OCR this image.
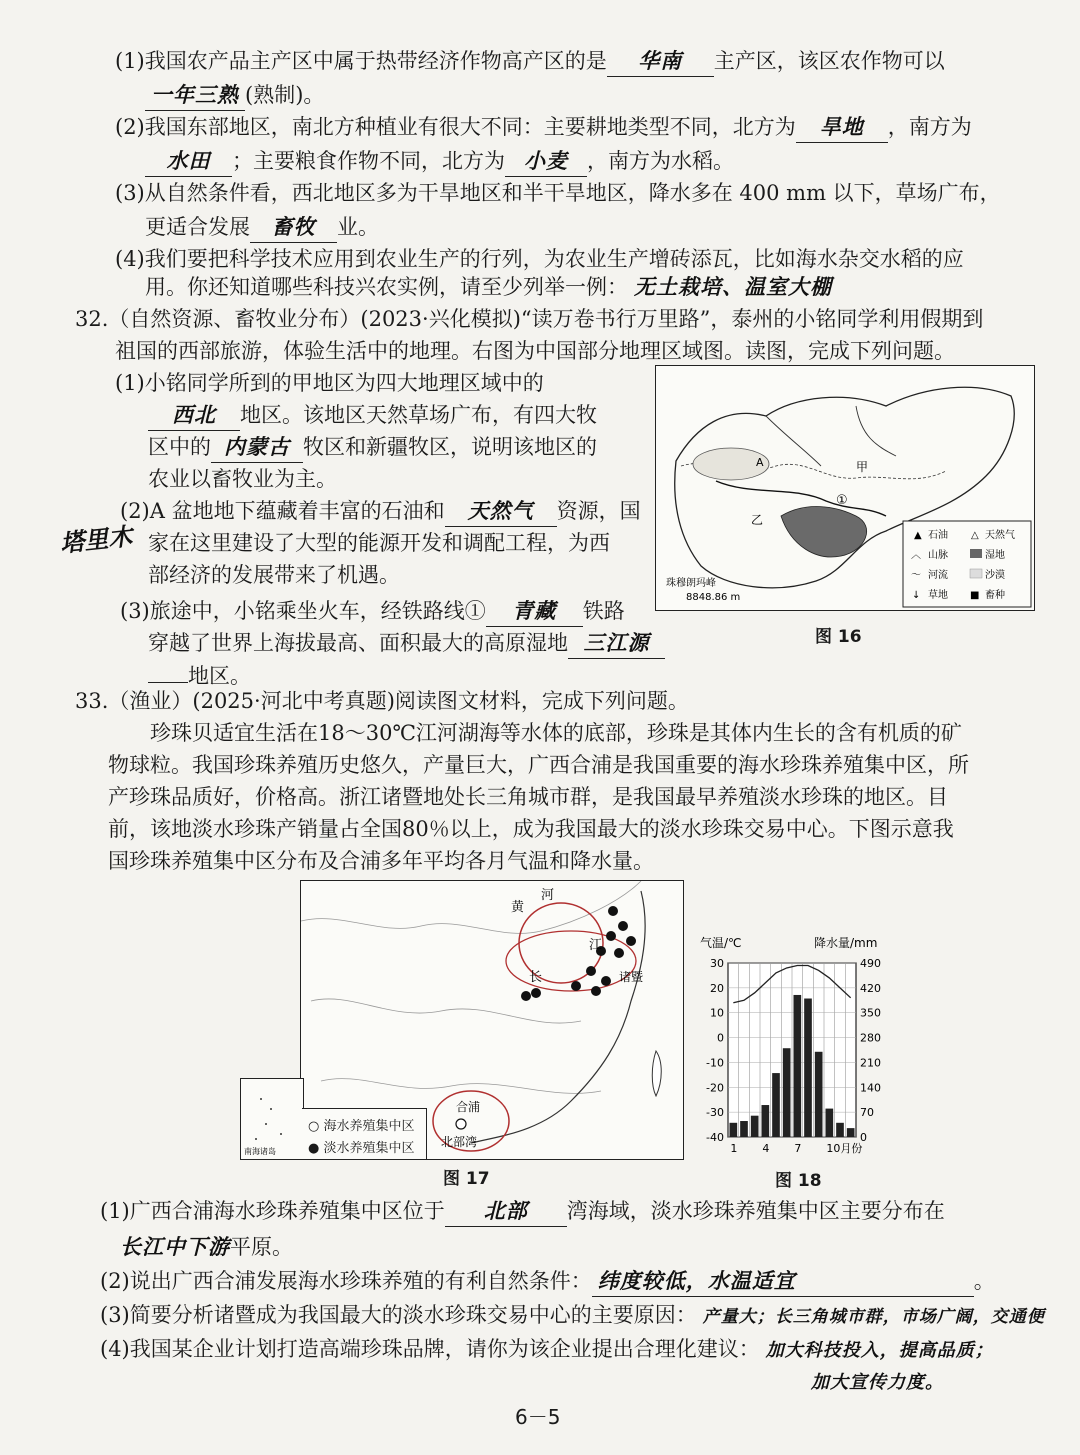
(1)我国农产品主产区中属于热带经济作物高产区的是 华南 主产区，该区农作物可以
一年三熟 (熟制)。
(2)我国东部地区，南北方种植业有很大不同：主要耕地类型不同，北方为 旱地 ，南方为
水田 ；主要粮食作物不同，北方为 小麦 ，南方为水稻。
(3)从自然条件看，西北地区多为干旱地区和半干旱地区，降水多在 400 mm 以下，草场广布，
更适合发展 畜牧 业。
(4)我们要把科学技术应用到农业生产的行列，为农业生产增砖添瓦，比如海水杂交水稻的应
用。你还知道哪些科技兴农实例，请至少列举一例： 无土栽培、温室大棚
32.（自然资源、畜牧业分布）(2023·兴化模拟)“读万卷书行万里路”，泰州的小铭同学利用假期到
祖国的西部旅游，体验生活中的地理。右图为中国部分地理区域图。读图，完成下列问题。
(1)小铭同学所到的甲地区为四大地理区域中的
西北 地区。该地区天然草场广布，有四大牧
区中的 内蒙古 牧区和新疆牧区，说明该地区的
农业以畜牧业为主。
(2)A 盆地地下蕴藏着丰富的石油和 天然气 资源，国
塔里木 家在这里建设了大型的能源开发和调配工程，为西
部经济的发展带来了机遇。
(3)旅途中，小铭乘坐火车，经铁路线① 青藏 铁路
穿越了世界上海拔最高、面积最大的高原湿地 三江源
地区。
甲
乙
A
①
珠穆朗玛峰
8848.86 m
▲ 石油 △ 天然气
︿ 山脉	湿地
～ 河流	沙漠
↓ 草地 ■ 畜种
图 16
33.（渔业）(2025·河北中考真题)阅读图文材料，完成下列问题。
珍珠贝适宜生活在18～30℃江河湖海等水体的底部，珍珠是其体内生长的含有机质的矿
物球粒。我国珍珠养殖历史悠久，产量巨大，广西合浦是我国重要的海水珍珠养殖集中区，所
产珍珠品质好，价格高。浙江诸暨地处长三角城市群，是我国最早养殖淡水珍珠的地区。目
前，该地淡水珍珠产销量占全国80％以上，成为我国最大的淡水珍珠交易中心。下图示意我
国珍珠养殖集中区分布及合浦多年平均各月气温和降水量。
黄
河
长
江
诸暨
合浦
北部湾
南海诸岛
○ 海水养殖集中区
● 淡水养殖集中区
图 17
气温/℃	降水量/mm
30
20
10
0
-10
-20
-30
-40
490
420
350
280
210
140
70
0
1 4 7 10月份
图 18
(1)广西合浦海水珍珠养殖集中区位于 北部 湾海域，淡水珍珠养殖集中区主要分布在
长江中下游平原。
(2)说出广西合浦发展海水珍珠养殖的有利自然条件： 纬度较低，水温适宜	。
(3)简要分析诸暨成为我国最大的淡水珍珠交易中心的主要原因： 产量大；长三角城市群，市场广阔，交通便
(4)我国某企业计划打造高端珍珠品牌，请你为该企业提出合理化建议： 加大科技投入，提高品质；
加大宣传力度。
6－5
